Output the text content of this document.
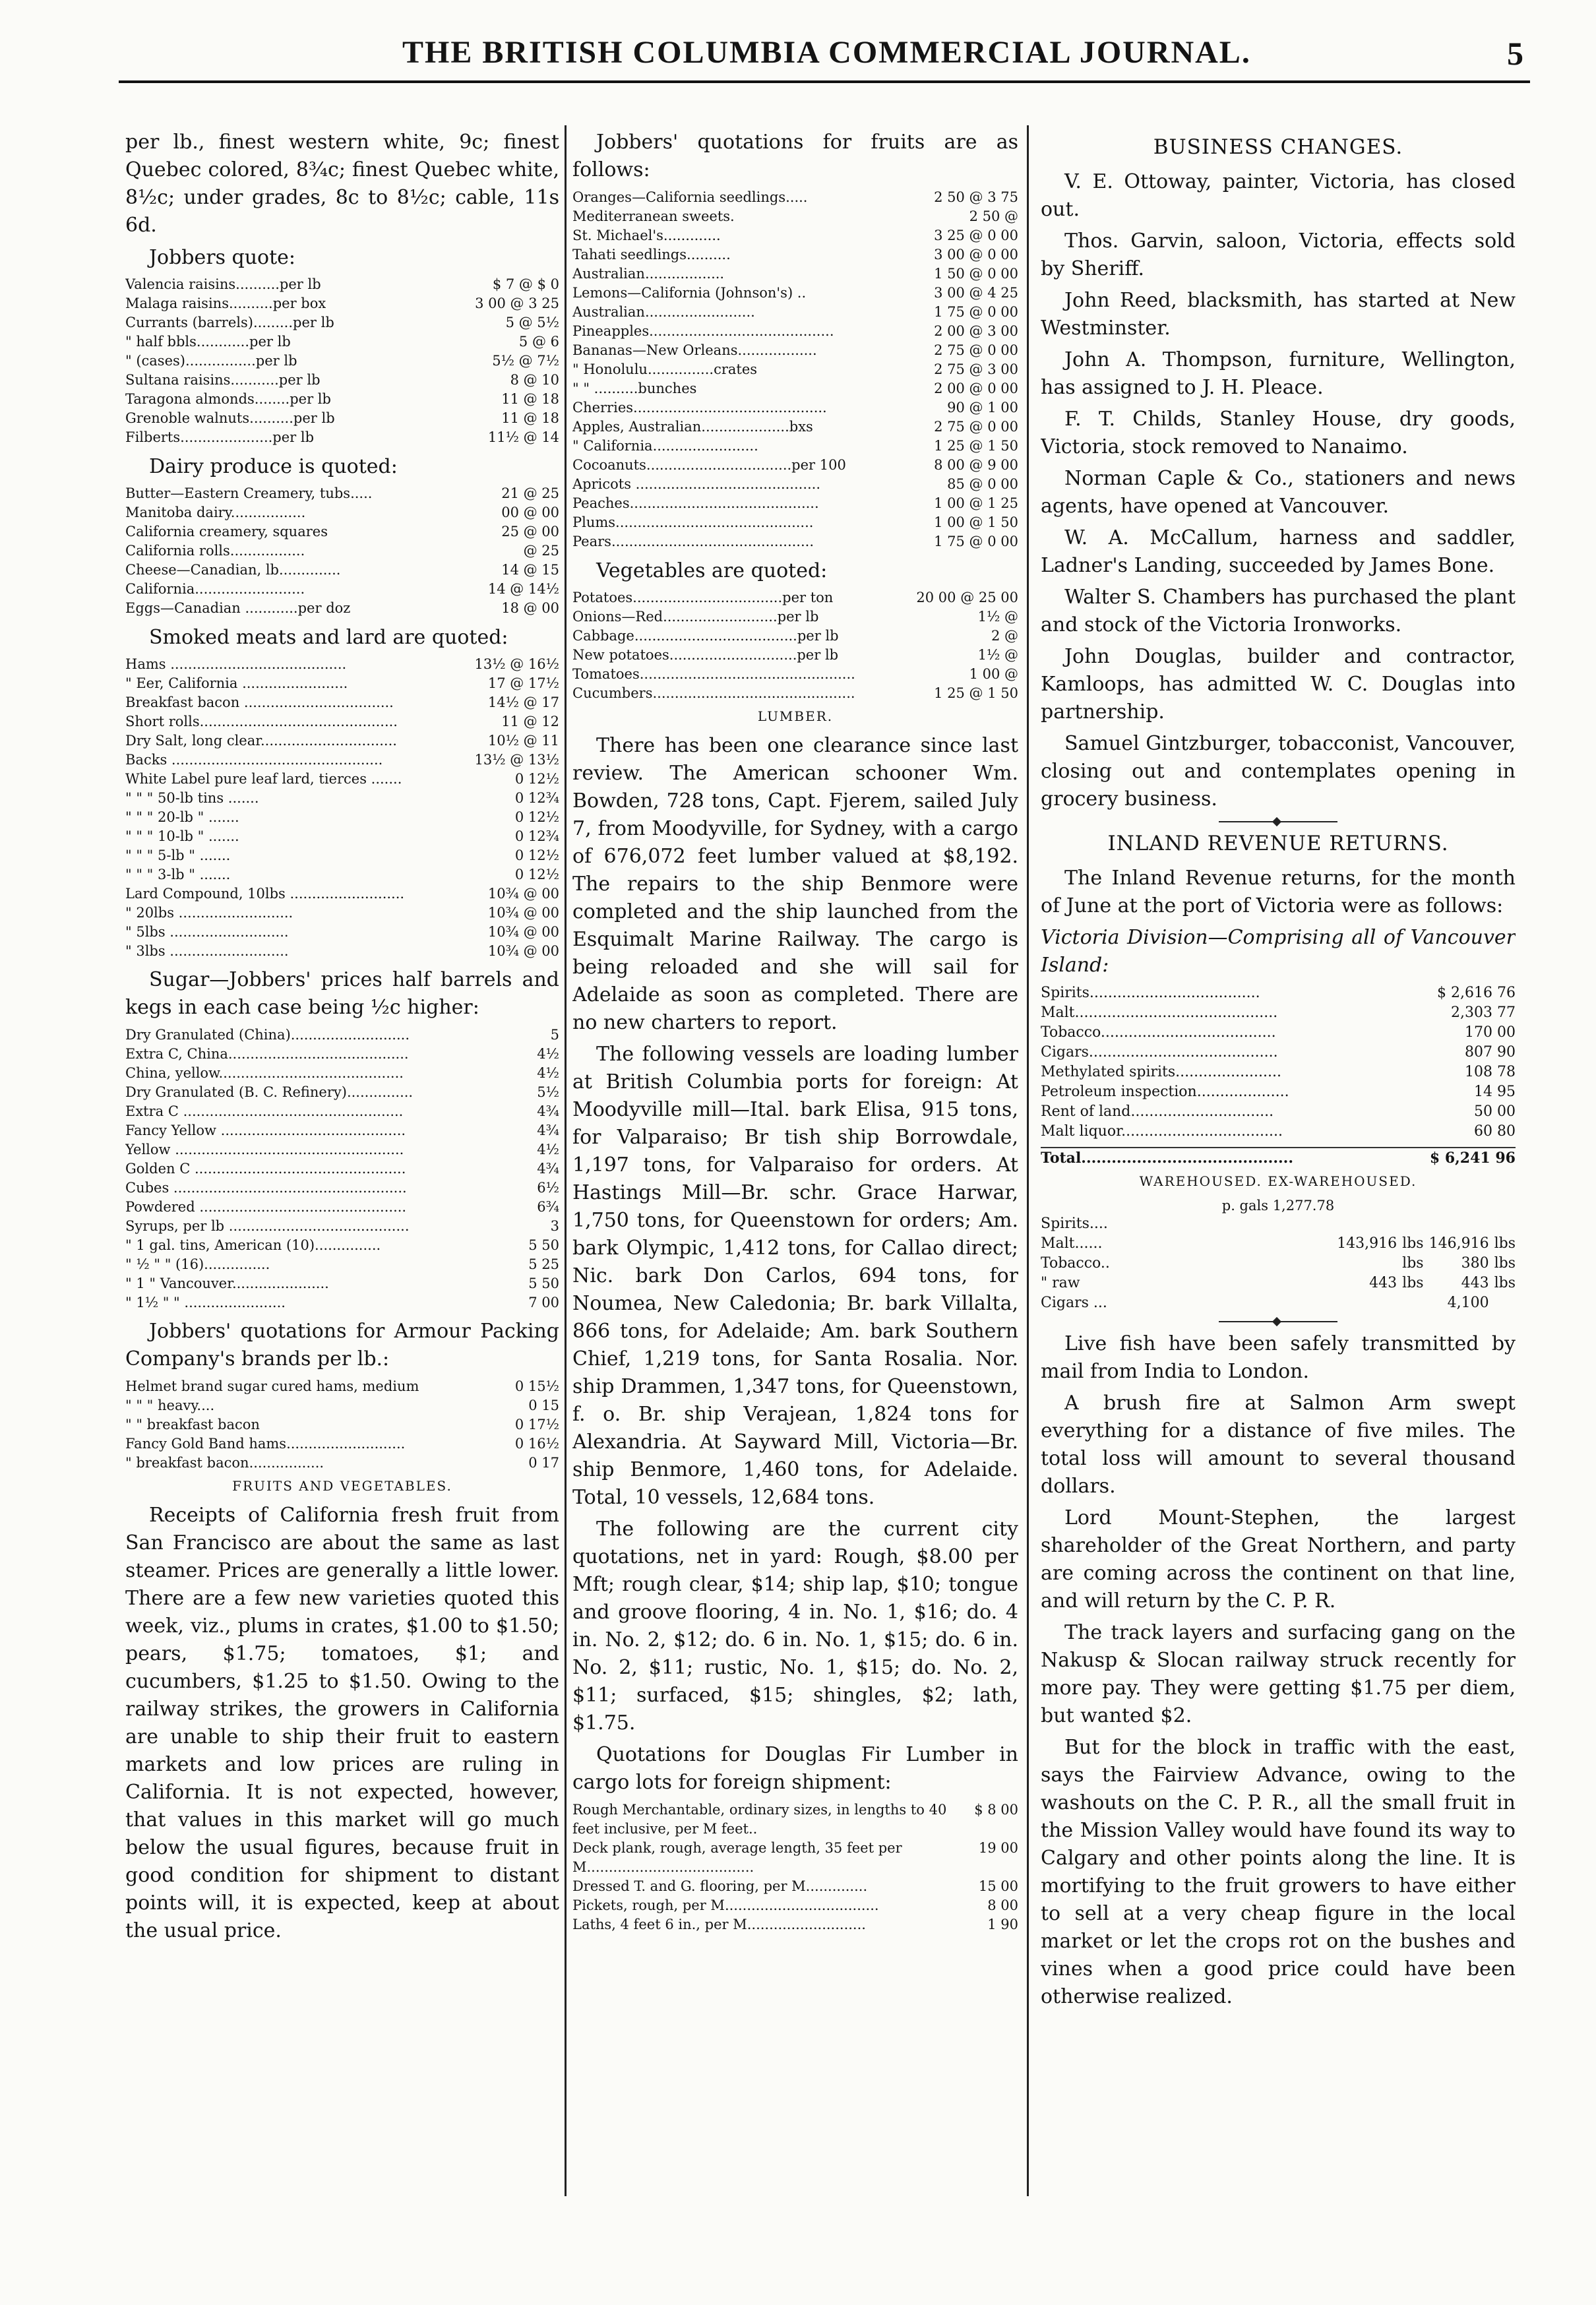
THE BRITISH COLUMBIA COMMERCIAL JOURNAL.	5

per lb., finest western white, 9c; finest Quebec colored, 8¾c; finest Quebec white, 8½c; under grades, 8c to 8½c; cable, 11s 6d.

Jobbers quote:
Valencia raisins..........per lb	$ 7 @ $ 0
Malaga raisins..........per box	3 00 @ 3 25
Currants (barrels).........per lb	5 @ 5½
" half bbls............per lb	5 @ 6
" (cases)................per lb	5½ @ 7½
Sultana raisins...........per lb	8 @ 10
Taragona almonds........per lb	11 @ 18
Grenoble walnuts..........per lb	11 @ 18
Filberts.....................per lb	11½ @ 14
Dairy produce is quoted:
Butter—Eastern Creamery, tubs.....	21 @ 25
Manitoba dairy.................	00 @ 00
California creamery, squares	25 @ 00
California rolls.................	@ 25
Cheese—Canadian, lb..............	14 @ 15
California.........................	14 @ 14½
Eggs—Canadian ............per doz	18 @ 00
Smoked meats and lard are quoted:
Hams ........................................	13½ @ 16½
" Eer, California ........................	17 @ 17½
Breakfast bacon ..................................	14½ @ 17
Short rolls.............................................	11 @ 12
Dry Salt, long clear...............................	10½ @ 11
Backs ................................................	13½ @ 13½
White Label pure leaf lard, tierces .......	0 12½
" " " 50-lb tins .......	0 12¾
" " " 20-lb " .......	0 12½
" " " 10-lb " .......	0 12¾
" " " 5-lb " .......	0 12½
" " " 3-lb " .......	0 12½
Lard Compound, 10lbs ..........................	10¾ @ 00
" 20lbs ..........................	10¾ @ 00
" 5lbs ...........................	10¾ @ 00
" 3lbs ...........................	10¾ @ 00

Sugar—Jobbers' prices half barrels and kegs in each case being ½c higher:

Dry Granulated (China)...........................	5
Extra C, China.........................................	4½
China, yellow..........................................	4½
Dry Granulated (B. C. Refinery)...............	5½
Extra C ..................................................	4¾
Fancy Yellow ..........................................	4¾
Yellow ....................................................	4½
Golden C ................................................	4¾
Cubes .....................................................	6½
Powdered ...............................................	6¾
Syrups, per lb .........................................	3
" 1 gal. tins, American (10)...............	5 50
" ½ " " (16)...............	5 25
" 1 " Vancouver......................	5 50
" 1½ " " .......................	7 00

Jobbers' quotations for Armour Packing Company's brands per lb.:

Helmet brand sugar cured hams, medium	0 15½
" " " heavy....	0 15
" " breakfast bacon	0 17½
Fancy Gold Band hams...........................	0 16½
" breakfast bacon.................	0 17
FRUITS AND VEGETABLES.

Receipts of California fresh fruit from San Francisco are about the same as last steamer. Prices are generally a little lower. There are a few new varieties quoted this week, viz., plums in crates, $1.00 to $1.50; pears, $1.75; tomatoes, $1; and cucumbers, $1.25 to $1.50. Owing to the railway strikes, the growers in California are unable to ship their fruit to eastern markets and low prices are ruling in California. It is not expected, however, that values in this market will go much below the usual figures, because fruit in good condition for shipment to distant points will, it is expected, keep at about the usual price.

Jobbers' quotations for fruits are as follows:

Oranges—California seedlings.....	2 50 @ 3 75
Mediterranean sweets.	2 50 @
St. Michael's.............	3 25 @ 0 00
Tahati seedlings..........	3 00 @ 0 00
Australian..................	1 50 @ 0 00
Lemons—California (Johnson's) ..	3 00 @ 4 25
Australian.........................	1 75 @ 0 00
Pineapples..........................................	2 00 @ 3 00
Bananas—New Orleans..................	2 75 @ 0 00
" Honolulu...............crates	2 75 @ 3 00
" " ..........bunches	2 00 @ 0 00
Cherries............................................	90 @ 1 00
Apples, Australian....................bxs	2 75 @ 0 00
" California........................	1 25 @ 1 50
Cocoanuts.................................per 100	8 00 @ 9 00
Apricots ..........................................	85 @ 0 00
Peaches...........................................	1 00 @ 1 25
Plums.............................................	1 00 @ 1 50
Pears..............................................	1 75 @ 0 00
Vegetables are quoted:
Potatoes..................................per ton	20 00 @ 25 00
Onions—Red..........................per lb	1½ @
Cabbage.....................................per lb	2 @
New potatoes.............................per lb	1½ @
Tomatoes.................................................	1 00 @
Cucumbers..............................................	1 25 @ 1 50
LUMBER.

There has been one clearance since last review. The American schooner Wm. Bowden, 728 tons, Capt. Fjerem, sailed July 7, from Moodyville, for Sydney, with a cargo of 676,072 feet lumber valued at $8,192. The repairs to the ship Benmore were completed and the ship launched from the Esquimalt Marine Railway. The cargo is being reloaded and she will sail for Adelaide as soon as completed. There are no new charters to report.

The following vessels are loading lumber at British Columbia ports for foreign: At Moodyville mill—Ital. bark Elisa, 915 tons, for Valparaiso; Br tish ship Borrowdale, 1,197 tons, for Valparaiso for orders. At Hastings Mill—Br. schr. Grace Harwar, 1,750 tons, for Queenstown for orders; Am. bark Olympic, 1,412 tons, for Callao direct; Nic. bark Don Carlos, 694 tons, for Noumea, New Caledonia; Br. bark Villalta, 866 tons, for Adelaide; Am. bark Southern Chief, 1,219 tons, for Santa Rosalia. Nor. ship Drammen, 1,347 tons, for Queenstown, f. o. Br. ship Verajean, 1,824 tons for Alexandria. At Sayward Mill, Victoria—Br. ship Benmore, 1,460 tons, for Adelaide. Total, 10 vessels, 12,684 tons.

The following are the current city quotations, net in yard: Rough, $8.00 per Mft; rough clear, $14; ship lap, $10; tongue and groove flooring, 4 in. No. 1, $16; do. 4 in. No. 2, $12; do. 6 in. No. 1, $15; do. 6 in. No. 2, $11; rustic, No. 1, $15; do. No. 2, $11; surfaced, $15; shingles, $2; lath, $1.75.

Quotations for Douglas Fir Lumber in cargo lots for foreign shipment:

Rough Merchantable, ordinary sizes, in lengths to 40 feet inclusive, per M feet..	$ 8 00
Deck plank, rough, average length, 35 feet per M......................................	19 00
Dressed T. and G. flooring, per M..............	15 00
Pickets, rough, per M...................................	8 00
Laths, 4 feet 6 in., per M...........................	1 90
BUSINESS CHANGES.

V. E. Ottoway, painter, Victoria, has closed out.

Thos. Garvin, saloon, Victoria, effects sold by Sheriff.

John Reed, blacksmith, has started at New Westminster.

John A. Thompson, furniture, Wellington, has assigned to J. H. Pleace.

F. T. Childs, Stanley House, dry goods, Victoria, stock removed to Nanaimo.

Norman Caple & Co., stationers and news agents, have opened at Vancouver.

W. A. McCallum, harness and saddler, Ladner's Landing, succeeded by James Bone.

Walter S. Chambers has purchased the plant and stock of the Victoria Ironworks.

John Douglas, builder and contractor, Kamloops, has admitted W. C. Douglas into partnership.

Samuel Gintzburger, tobacconist, Vancouver, closing out and contemplates opening in grocery business.

INLAND REVENUE RETURNS.

The Inland Revenue returns, for the month of June at the port of Victoria were as follows:

Victoria Division—Comprising all of Vancouver Island:

Spirits.....................................	$ 2,616 76
Malt............................................	2,303 77
Tobacco......................................	170 00
Cigars.........................................	807 90
Methylated spirits.......................	108 78
Petroleum inspection....................	14 95
Rent of land...............................	50 00
Malt liquor...................................	60 80
Total..........................................	$ 6,241 96
WAREHOUSED. EX-WAREHOUSED.
p. gals 1,277.78
Spirits....				
Malt......	143,916	lbs	146,916	lbs
Tobacco..		lbs	380	lbs
" raw	443	lbs	443	lbs
Cigars ...			4,100	

Live fish have been safely transmitted by mail from India to London.

A brush fire at Salmon Arm swept everything for a distance of five miles. The total loss will amount to several thousand dollars.

Lord Mount-Stephen, the largest shareholder of the Great Northern, and party are coming across the continent on that line, and will return by the C. P. R.

The track layers and surfacing gang on the Nakusp & Slocan railway struck recently for more pay. They were getting $1.75 per diem, but wanted $2.

But for the block in traffic with the east, says the Fairview Advance, owing to the washouts on the C. P. R., all the small fruit in the Mission Valley would have found its way to Calgary and other points along the line. It is mortifying to the fruit growers to have either to sell at a very cheap figure in the local market or let the crops rot on the bushes and vines when a good price could have been otherwise realized.
